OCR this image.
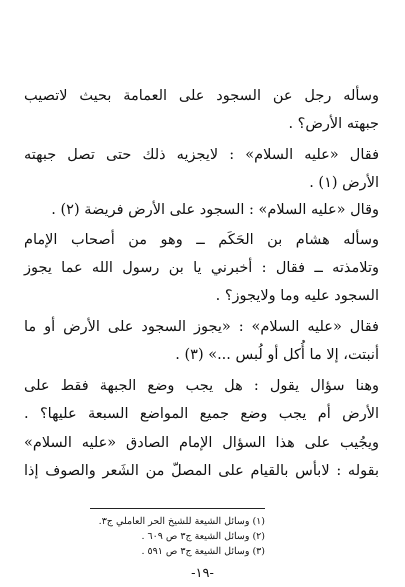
وسأله رجل عن السجود على العمامة بحيث لاتصيب
جبهته الأرض؟ .
فقال «عليه السلام» : لايجزيه ذلك حتى تصل جبهته
الأرض (١) .
وقال «عليه السلام» : السجود على الأرض فريضة (٢) .
وسأله هشام بن الحَكَم ــ وهو من أصحاب الإمام
وتلامذته ــ فقال : أخبرني يا بن رسول الله عما يجوز
السجود عليه وما ولايجوز؟ .
فقال «عليه السلام» : «يجوز السجود على الأرض أو ما
أنبتت، إلا ما أُكل أو لُبس ...» (٣) .
وهنا سؤال يقول : هل يجب وضع الجبهة فقط على
الأرض أم يجب وضع جميع المواضع السبعة عليها؟ .
ويجُيب على هذا السؤال الإمام الصادق «عليه السلام»
بقوله : لابأس بالقيام على المصلّ من الشَعر والصوف إذا
(١) وسائل الشيعة للشيخ الحر العاملي ج٣.
(٢) وسائل الشيعة ج٣ ص ٦٠٩ .
(٣) وسائل الشيعة ج٣ ص ٥٩١ .
-١٩-
